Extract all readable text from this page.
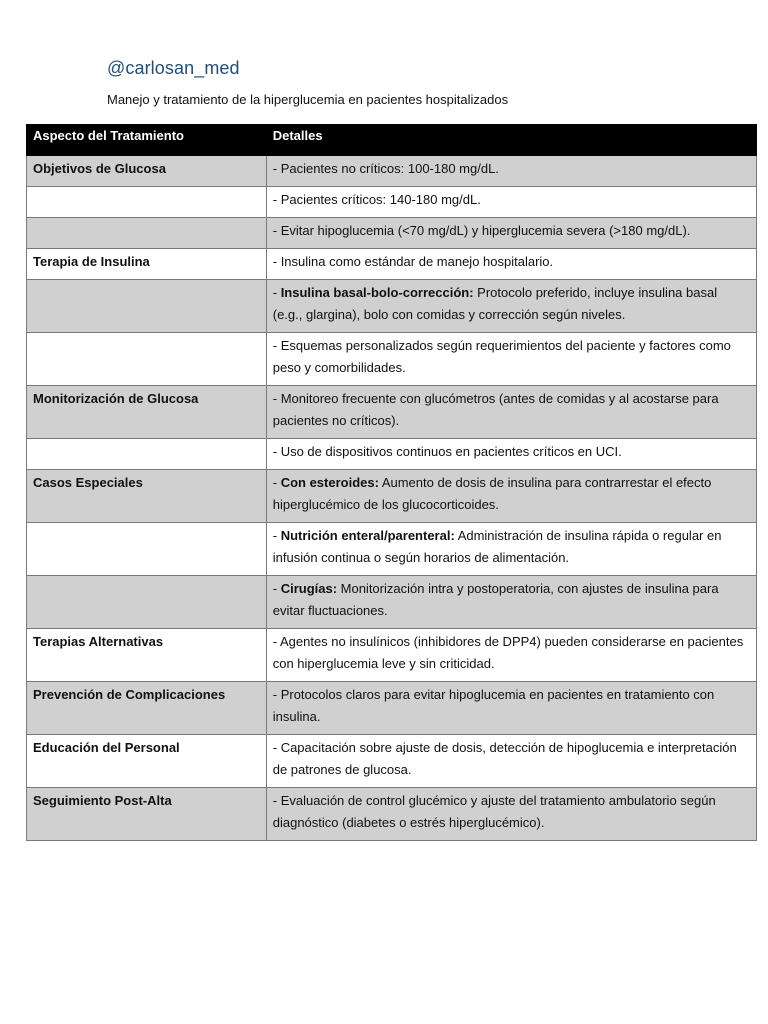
@carlosan_med
Manejo y tratamiento de la hiperglucemia en pacientes hospitalizados
Aspecto del Tratamiento	Detalles
Objetivos de Glucosa	- Pacientes no críticos: 100-180 mg/dL.
	- Pacientes críticos: 140-180 mg/dL.
	- Evitar hipoglucemia (<70 mg/dL) y hiperglucemia severa (>180 mg/dL).
Terapia de Insulina	- Insulina como estándar de manejo hospitalario.
	- Insulina basal-bolo-corrección: Protocolo preferido, incluye insulina basal (e.g., glargina), bolo con comidas y corrección según niveles.
	- Esquemas personalizados según requerimientos del paciente y factores como peso y comorbilidades.
Monitorización de Glucosa	- Monitoreo frecuente con glucómetros (antes de comidas y al acostarse para pacientes no críticos).
	- Uso de dispositivos continuos en pacientes críticos en UCI.
Casos Especiales	- Con esteroides: Aumento de dosis de insulina para contrarrestar el efecto hiperglucémico de los glucocorticoides.
	- Nutrición enteral/parenteral: Administración de insulina rápida o regular en infusión continua o según horarios de alimentación.
	- Cirugías: Monitorización intra y postoperatoria, con ajustes de insulina para evitar fluctuaciones.
Terapias Alternativas	- Agentes no insulínicos (inhibidores de DPP4) pueden considerarse en pacientes con hiperglucemia leve y sin criticidad.
Prevención de Complicaciones	- Protocolos claros para evitar hipoglucemia en pacientes en tratamiento con insulina.
Educación del Personal	- Capacitación sobre ajuste de dosis, detección de hipoglucemia e interpretación de patrones de glucosa.
Seguimiento Post-Alta	- Evaluación de control glucémico y ajuste del tratamiento ambulatorio según diagnóstico (diabetes o estrés hiperglucémico).
